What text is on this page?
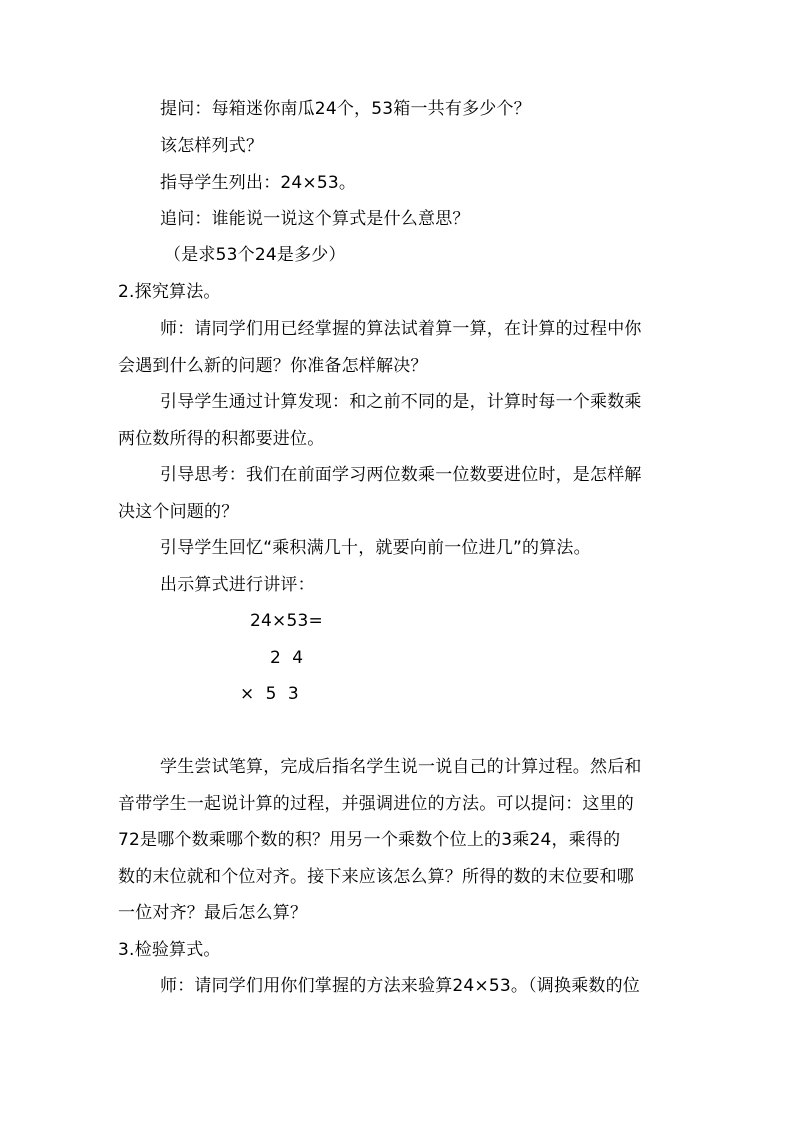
提问：每箱迷你南瓜24个，53箱一共有多少个？
该怎样列式？
指导学生列出：24×53。
追问：谁能说一说这个算式是什么意思？
（是求53个24是多少）
2.探究算法。
师：请同学们用已经掌握的算法试着算一算，在计算的过程中你
会遇到什么新的问题？你准备怎样解决？
引导学生通过计算发现：和之前不同的是，计算时每一个乘数乘
两位数所得的积都要进位。
引导思考：我们在前面学习两位数乘一位数要进位时，是怎样解
决这个问题的？
引导学生回忆“乘积满几十，就要向前一位进几”的算法。
出示算式进行讲评：
24×53=
2 4
× 5 3
学生尝试笔算，完成后指名学生说一说自己的计算过程。然后和
音带学生一起说计算的过程，并强调进位的方法。可以提问：这里的
72是哪个数乘哪个数的积？用另一个乘数个位上的3乘24，乘得的
数的末位就和个位对齐。接下来应该怎么算？所得的数的末位要和哪
一位对齐？最后怎么算？
3.检验算式。
师：请同学们用你们掌握的方法来验算24×53。（调换乘数的位
